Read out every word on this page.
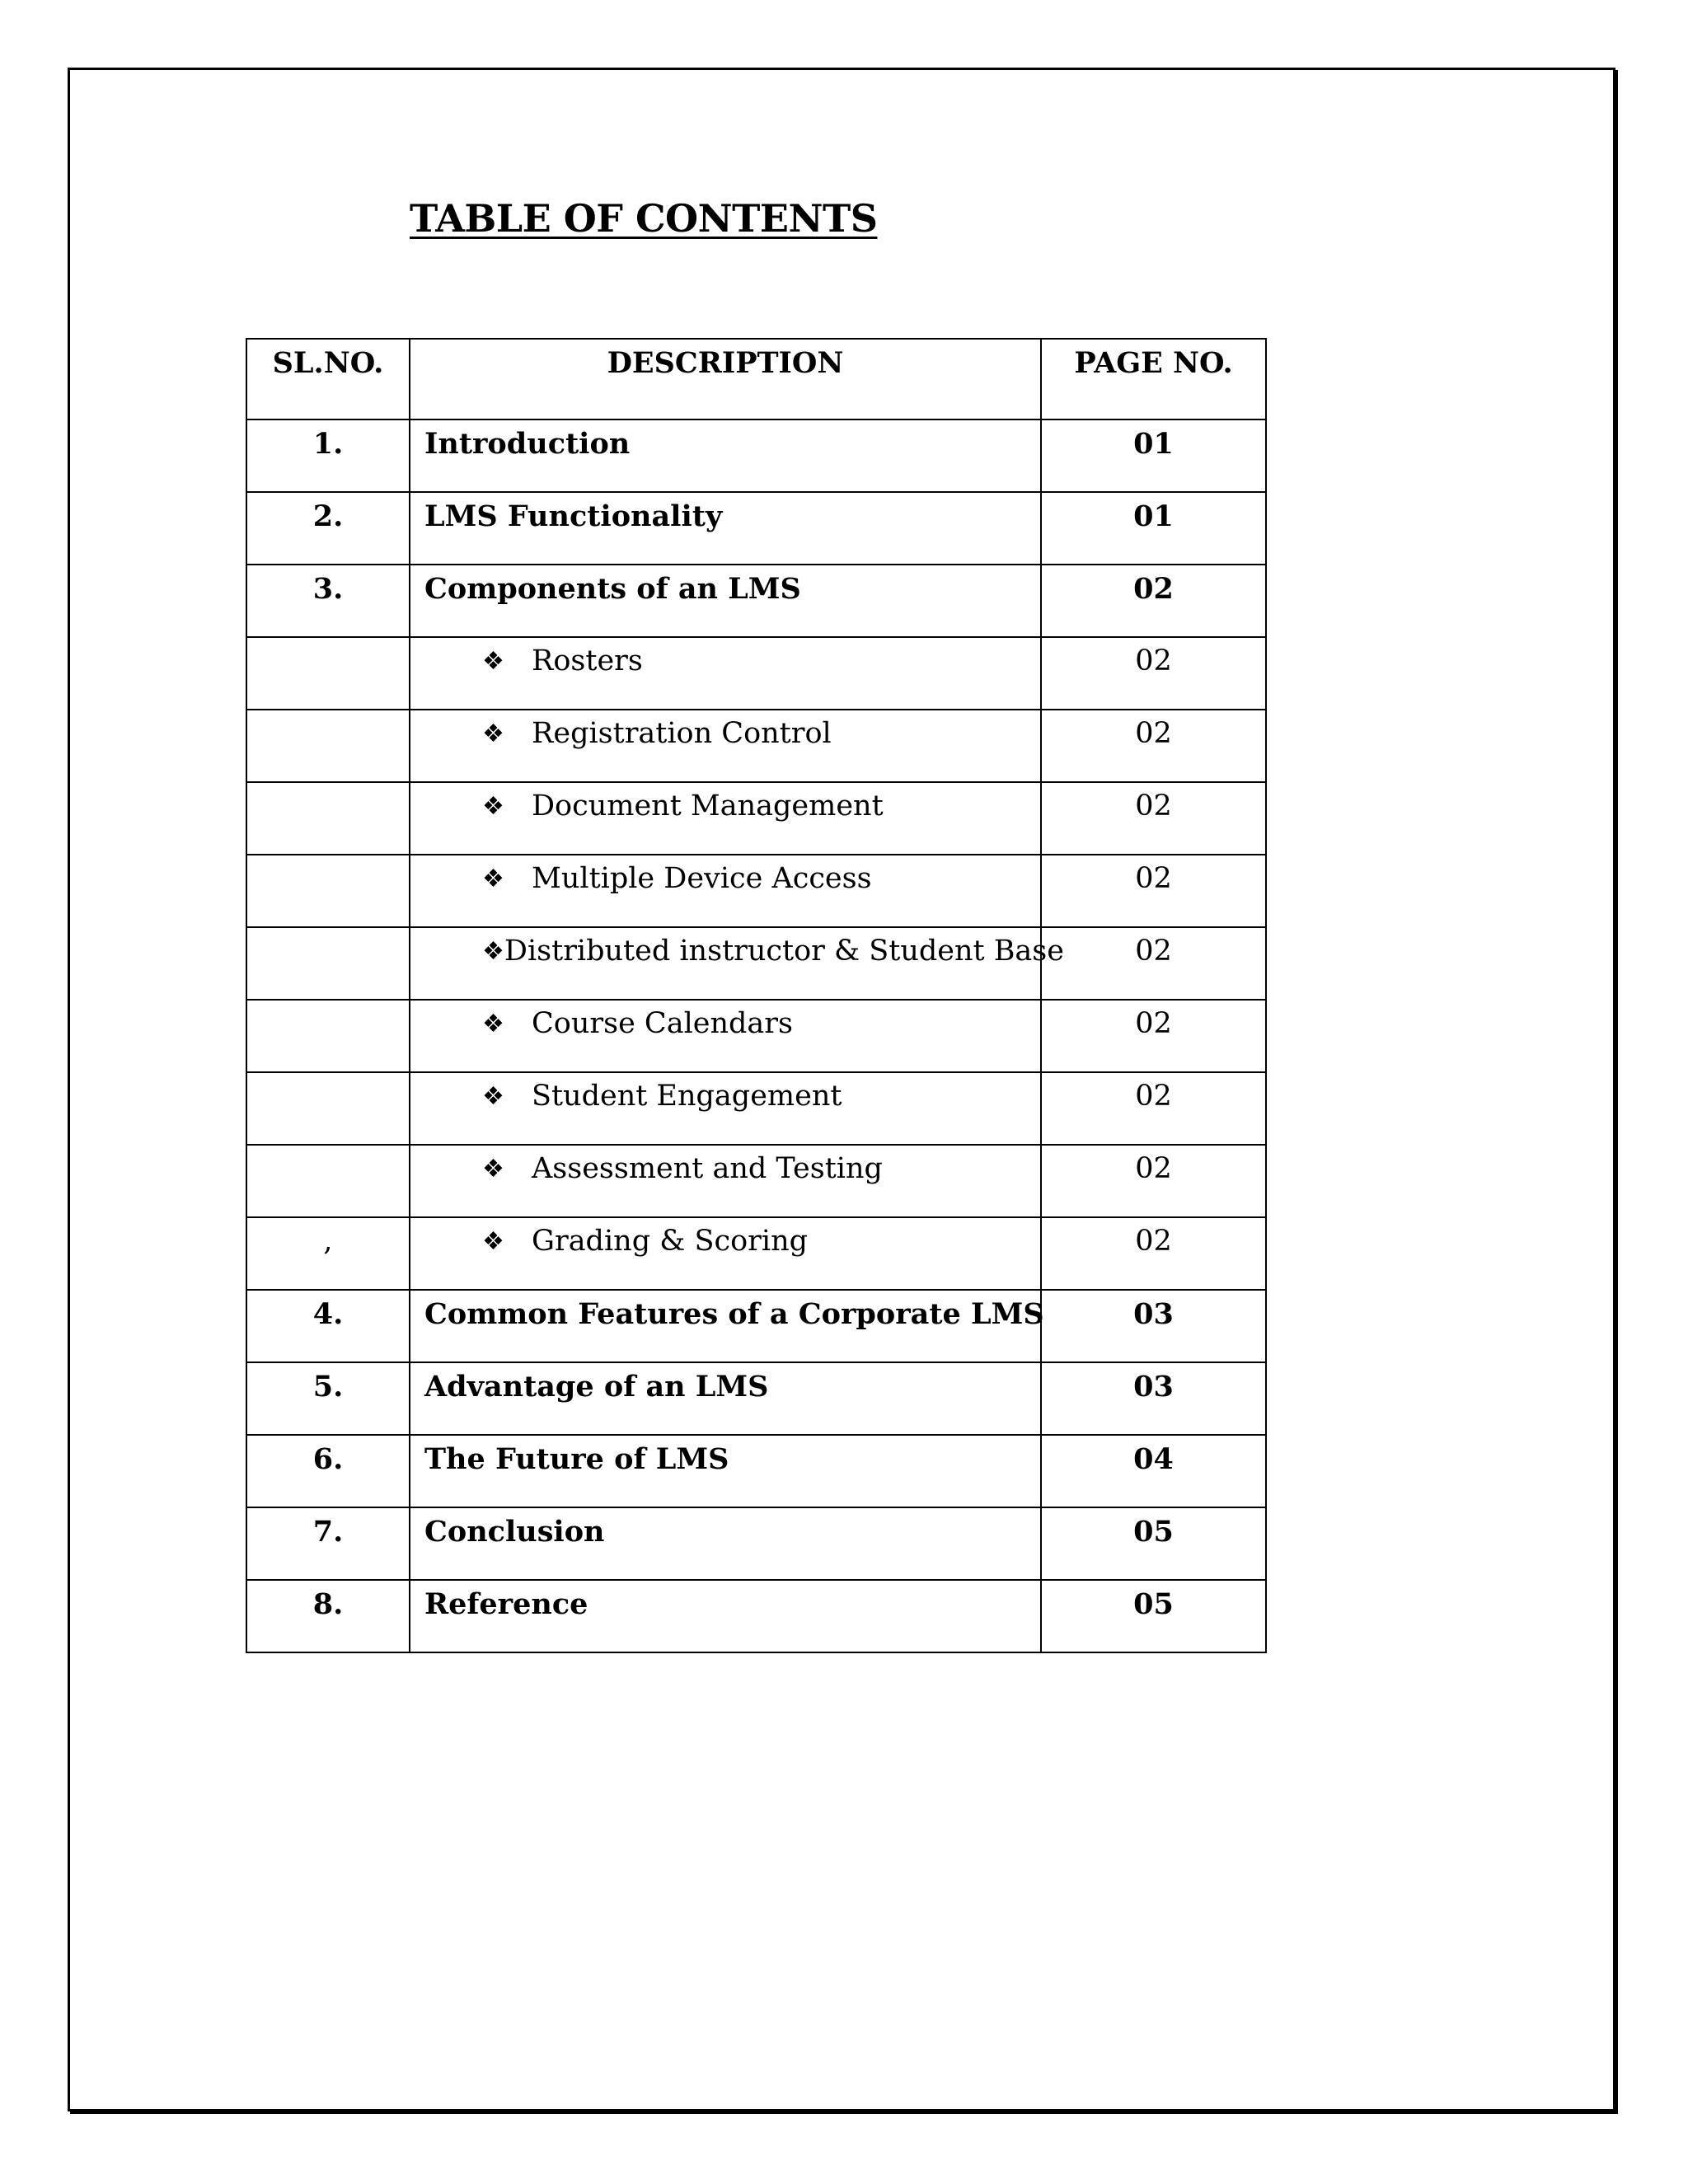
TABLE OF CONTENTS
SL.NO.	DESCRIPTION	PAGE NO.
1.	Introduction	01
2.	LMS Functionality	01
3.	Components of an LMS	02

	❖ Rosters	02

	❖ Registration Control	02

	❖ Document Management	02

	❖ Multiple Device Access	02

	❖ Distributed instructor & Student Base	02

	❖ Course Calendars	02

	❖ Student Engagement	02

	❖ Assessment and Testing	02
,	❖ Grading & Scoring	02
4.	Common Features of a Corporate LMS	03
5.	Advantage of an LMS	03
6.	The Future of LMS	04
7.	Conclusion	05
8.	Reference	05
